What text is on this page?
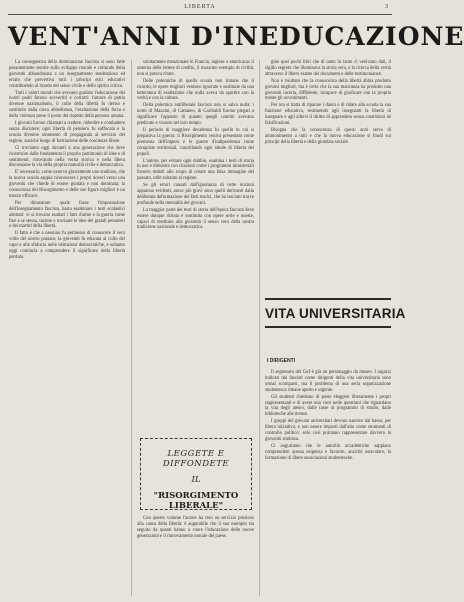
LIBERTA	3
VENT'ANNI D'INEDUCAZIONE

La conseguenza della dominazione fascista si sono fatte pesantemente sentire sullo sviluppo morale e culturale della gioventù abbandonata a un insegnamento tendenzioso ed errato che pervertiva tutti i principi etici educativi contribuendo al ritardo del senso civile e dello spirito critico.

Tutti i valori morali che avevano guidato l'educazione dei nostri padri furono sovvertiti e corrotti: l'amore di patria divenne nazionalismo, il culto della libertà fu deriso e sostituito dalla cieca obbedienza, l'esaltazione della forza e della violenza prese il posto del rispetto della persona umana.

I giovani furono chiamati a credere, obbedire e combattere senza discutere; ogni libertà di pensiero fu soffocata e la scuola divenne strumento di propaganda al servizio del regime, anziché luogo di formazione delle coscienze libere.

Ci troviamo oggi davanti a una generazione che deve ricostruire dalle fondamenta il proprio patrimonio di idee e di sentimenti, ritrovando nella verità storica e nella libera discussione la via della propria maturità civile e democratica.

E' necessario, come osserva giustamente uno studioso, che la nuova scuola sappia riconoscere i propri doveri verso una gioventù che chiede di essere guidata e non dominata; la conoscenza del Risorgimento e delle sue figure migliori è un mezzo efficace.

Per dimostrare quale fosse l'impostazione dell'insegnamento fascista, basta esaminare i testi scolastici adottati: vi si trovano esaltati i fatti d'arme e la guerra come fine a se stessa, taciute o travisate le idee dei grandi pensatori e dei martiri della libertà.

Il fatto è che a nessuno fu permesso di conoscere il vero volto del nostro passato; la gioventù fu educata al culto del capo e alla sfiducia nelle istituzioni democratiche, e soltanto oggi comincia a comprendere il significato della libertà perduta.

solutamente menzionate in Francia, inglese o americana: il sistema delle lettere di credito, il massimo esempio di civiltà, non si poteva citare.

Delle polemiche di quella scuola non rimane che il ricordo; le opere migliori vennero ignorate e sostituite da una letteratura di esaltazione che nulla aveva da spartire con la verità e con la cultura.

Della polemica antiliberale fascista non si salva nulla: i nomi di Mazzini, di Cattaneo, di Garibaldi furono piegati a significare l'opposto di quanto quegli uomini avevano predicato e vissuto nel loro tempo.

Il periodo di maggiore decadenza fu quello in cui si preparava la guerra: il Risorgimento veniva presentato come premessa dell'impero e le guerre d'indipendenza come conquiste territoriali, cancellando ogni ideale di libertà dei popoli.

L'autore, per evitare ogni dubbio, esamina i testi di storia in uso e dimostra con citazioni come i programmi ministeriali fossero redatti allo scopo di creare una falsa immagine del passato, utile soltanto al regime.

Se gli errori causati dall'ignoranza di certe nozioni appaiono evidenti, ancor più gravi sono quelli derivanti dalla deliberata deformazione dei fatti storici, che ha lasciato tracce profonde nella mentalità dei giovani.

La maggior parte dei testi di storia dell'epoca fascista deve essere dunque ritirata e sostituita con opere serie e oneste, capaci di restituire alla gioventù il senso vero della nostra tradizione nazionale e democratica.

LEGGETE E DIFFONDETE
IL
"RISORGIMENTO LIBERALE"

Con questo volume l'autore ha reso un servizio prezioso alla causa della libertà: è augurabile che il suo esempio sia seguito da quanti hanno a cuore l'educazione delle nuove generazioni e il rinnovamento morale del paese.

gine quei pochi libri che di tanto in tanto ci venivano dati, il sigillo segreto che illuminava la storia vera, e la ricerca della verità attraverso il libero esame dei documenti e delle testimonianze.

Non è risultato che la conoscenza della libertà abbia prodotto giovani migliori, ma è certo che la sua mancanza ha prodotto una gioventù incerta, diffidente, incapace di giudicare con la propria mente gli avvenimenti.

Per ora si tratta di riparare i danni e di ridare alla scuola la sua funzione educativa, restituendo agli insegnanti la libertà di insegnare e agli allievi il diritto di apprendere senza costrizioni né falsificazioni.

Bisogna che la conoscenza di questi anni serva di ammonimento a tutti e che la nuova educazione si fondi sui principi della libertà e della giustizia sociale.

VITA UNIVERSITARIA
I DIRIGENTI

Il segretario del Guf è già un personaggio da museo. I ragazzi indicati dai fascisti come dirigenti della vita universitaria sono ormai scomparsi, ma il problema di una seria organizzazione studentesca rimane aperto e urgente.

Gli studenti chiedono di poter eleggere liberamente i propri rappresentanti e di avere una voce nelle questioni che riguardano la vita degli atenei, dalle tasse ai programmi di studio, dalle biblioteche alle mense.

I gruppi dei giovani universitari devono nascere dal basso, per libera iniziativa, e non essere imposti dall'alto come strumenti di controllo politico: solo così potranno rappresentare davvero la gioventù studiosa.

Ci auguriamo che le autorità accademiche sappiano comprendere questa esigenza e favorire, anziché ostacolare, la formazione di libere associazioni studentesche.
